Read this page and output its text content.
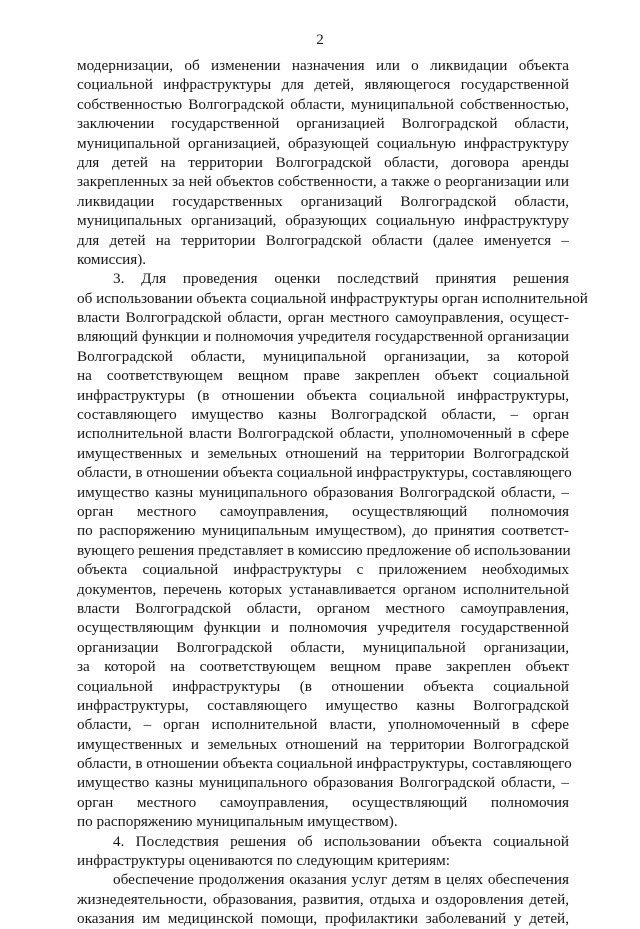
2
модернизации, об изменении назначения или о ликвидации объекта
социальной инфраструктуры для детей, являющегося государственной
собственностью Волгоградской области, муниципальной собственностью,
заключении государственной организацией Волгоградской области,
муниципальной организацией, образующей социальную инфраструктуру
для детей на территории Волгоградской области, договора аренды
закрепленных за ней объектов собственности, а также о реорганизации или
ликвидации государственных организаций Волгоградской области,
муниципальных организаций, образующих социальную инфраструктуру
для детей на территории Волгоградской области (далее именуется –
комиссия).
3. Для проведения оценки последствий принятия решения
об использовании объекта социальной инфраструктуры орган исполнительной
власти Волгоградской области, орган местного самоуправления, осущест-
вляющий функции и полномочия учредителя государственной организации
Волгоградской области, муниципальной организации, за которой
на соответствующем вещном праве закреплен объект социальной
инфраструктуры (в отношении объекта социальной инфраструктуры,
составляющего имущество казны Волгоградской области, – орган
исполнительной власти Волгоградской области, уполномоченный в сфере
имущественных и земельных отношений на территории Волгоградской
области, в отношении объекта социальной инфраструктуры, составляющего
имущество казны муниципального образования Волгоградской области, –
орган местного самоуправления, осуществляющий полномочия
по распоряжению муниципальным имуществом), до принятия соответст-
вующего решения представляет в комиссию предложение об использовании
объекта социальной инфраструктуры с приложением необходимых
документов, перечень которых устанавливается органом исполнительной
власти Волгоградской области, органом местного самоуправления,
осуществляющим функции и полномочия учредителя государственной
организации Волгоградской области, муниципальной организации,
за которой на соответствующем вещном праве закреплен объект
социальной инфраструктуры (в отношении объекта социальной
инфраструктуры, составляющего имущество казны Волгоградской
области, – орган исполнительной власти, уполномоченный в сфере
имущественных и земельных отношений на территории Волгоградской
области, в отношении объекта социальной инфраструктуры, составляющего
имущество казны муниципального образования Волгоградской области, –
орган местного самоуправления, осуществляющий полномочия
по распоряжению муниципальным имуществом).
4. Последствия решения об использовании объекта социальной
инфраструктуры оцениваются по следующим критериям:
обеспечение продолжения оказания услуг детям в целях обеспечения
жизнедеятельности, образования, развития, отдыха и оздоровления детей,
оказания им медицинской помощи, профилактики заболеваний у детей,
